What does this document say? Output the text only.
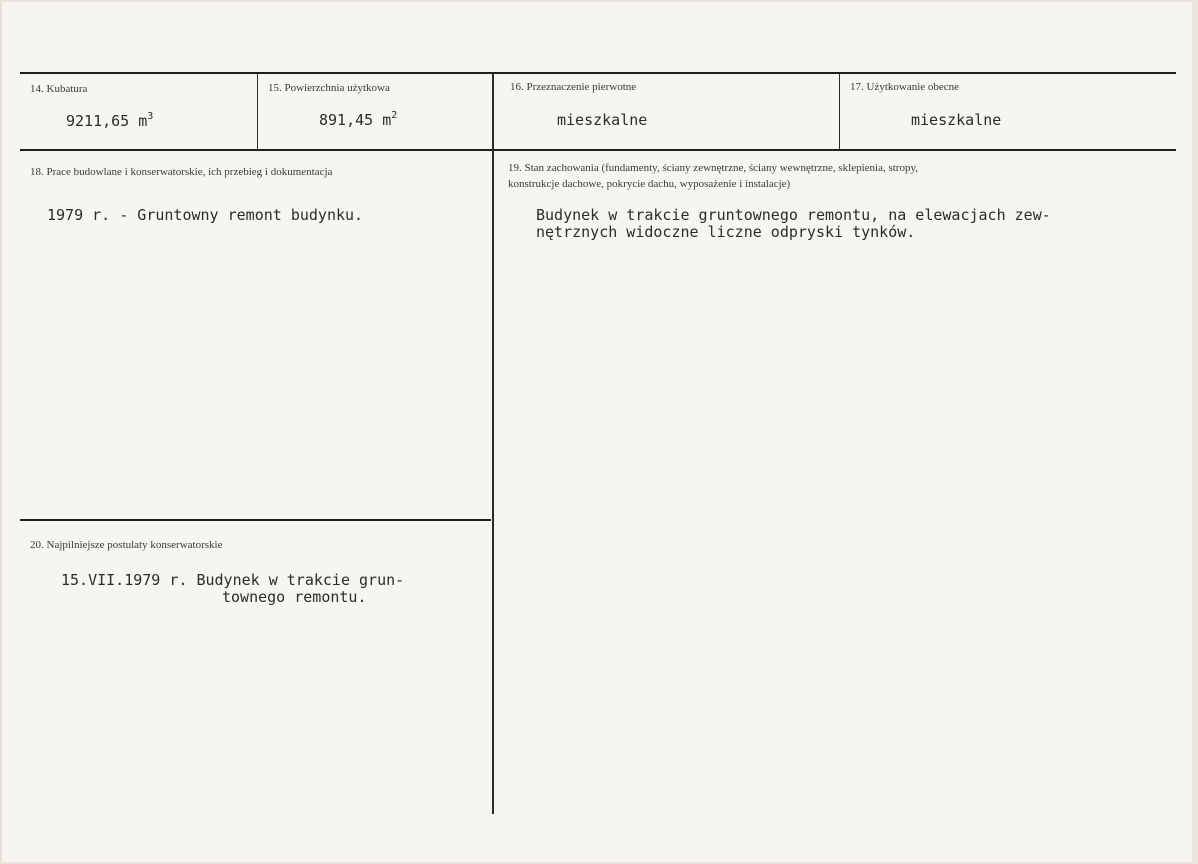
14. Kubatura
9211,65 $m^3$
15. Powierzchnia użytkowa
891,45 $m^2$
16. Przeznaczenie pierwotne
mieszkalne
17. Użytkowanie obecne
mieszkalne
18. Prace budowlane i konserwatorskie, ich przebieg i dokumentacja
1979 r. - Gruntowny remont budynku.
19. Stan zachowania (fundamenty, ściany zewnętrzne, ściany wewnętrzne, sklepienia, stropy,
konstrukcje dachowe, pokrycie dachu, wyposażenie i instalacje)
Budynek w trakcie gruntownego remontu, na elewacjach zew-
nętrznych widoczne liczne odpryski tynków.
20. Najpilniejsze postulaty konserwatorskie
15.VII.1979 r. Budynek w trakcie grun-
townego remontu.
